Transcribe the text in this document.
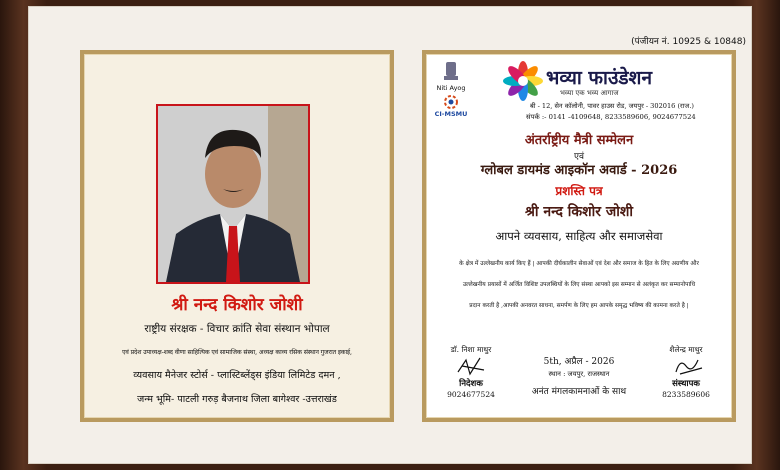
(पंजीयन नं. 10925 & 10848)
श्री नन्द किशोर जोशी
राष्ट्रीय संरक्षक - विचार क्रांति सेवा संस्थान भोपाल
एवं प्रदेश उपाध्यक्ष-शब्द वीणा साहित्यिक एवं सामाजिक संस्था, अध्यक्ष काव्य रसिक संस्थान गुजरात इकाई,
व्यवसाय मैनेजर स्टोर्स - प्लास्टिब्लेंड्स इंडिया लिमिटेड दमन ,
जन्म भूमि- पाटली गरुड़ बैजनाथ जिला बागेश्वर -उत्तराखंड
Niti Ayog
CI-MSMU
भव्या फाउंडेशन
भव्या एक भव्य आगाज
बी - 12, सेन कॉलोनी, पावर हाउस रोड, जयपुर - 302016 (राज.)
संपर्क :- 0141 -4109648, 8233589606, 9024677524
अंतर्राष्ट्रीय मैत्री सम्मेलन
एवं
ग्लोबल डायमंड आइकॉन अवार्ड - 2026
प्रशस्ति पत्र
श्री नन्द किशोर जोशी
आपने व्यवसाय, साहित्य और समाजसेवा
के क्षेत्र में उल्लेखनीय कार्य किए हैं | आपकी दीर्घकालीन सेवाओं एवं देश और समाज के हित के लिए अग्रणीय और
उल्लेखनीय प्रयासों में अर्जित विशिष्ट उपलब्धियों के लिए संस्था आपको इस सम्मान से अलंकृत कर सम्मानोपाधि
प्रदान करती है ,आपकी अनवरत साधना, समर्पण के लिए हम आपके समृद्ध भविष्य की कामना करते है |
डॉ. निशा माथुर
निदेशक
9024677524
5th, अप्रैल - 2026
स्थान : जयपुर, राजस्थान
अनंत मंगलकामनाओं के साथ
शैलेन्द्र माथुर
संस्थापक
8233589606
